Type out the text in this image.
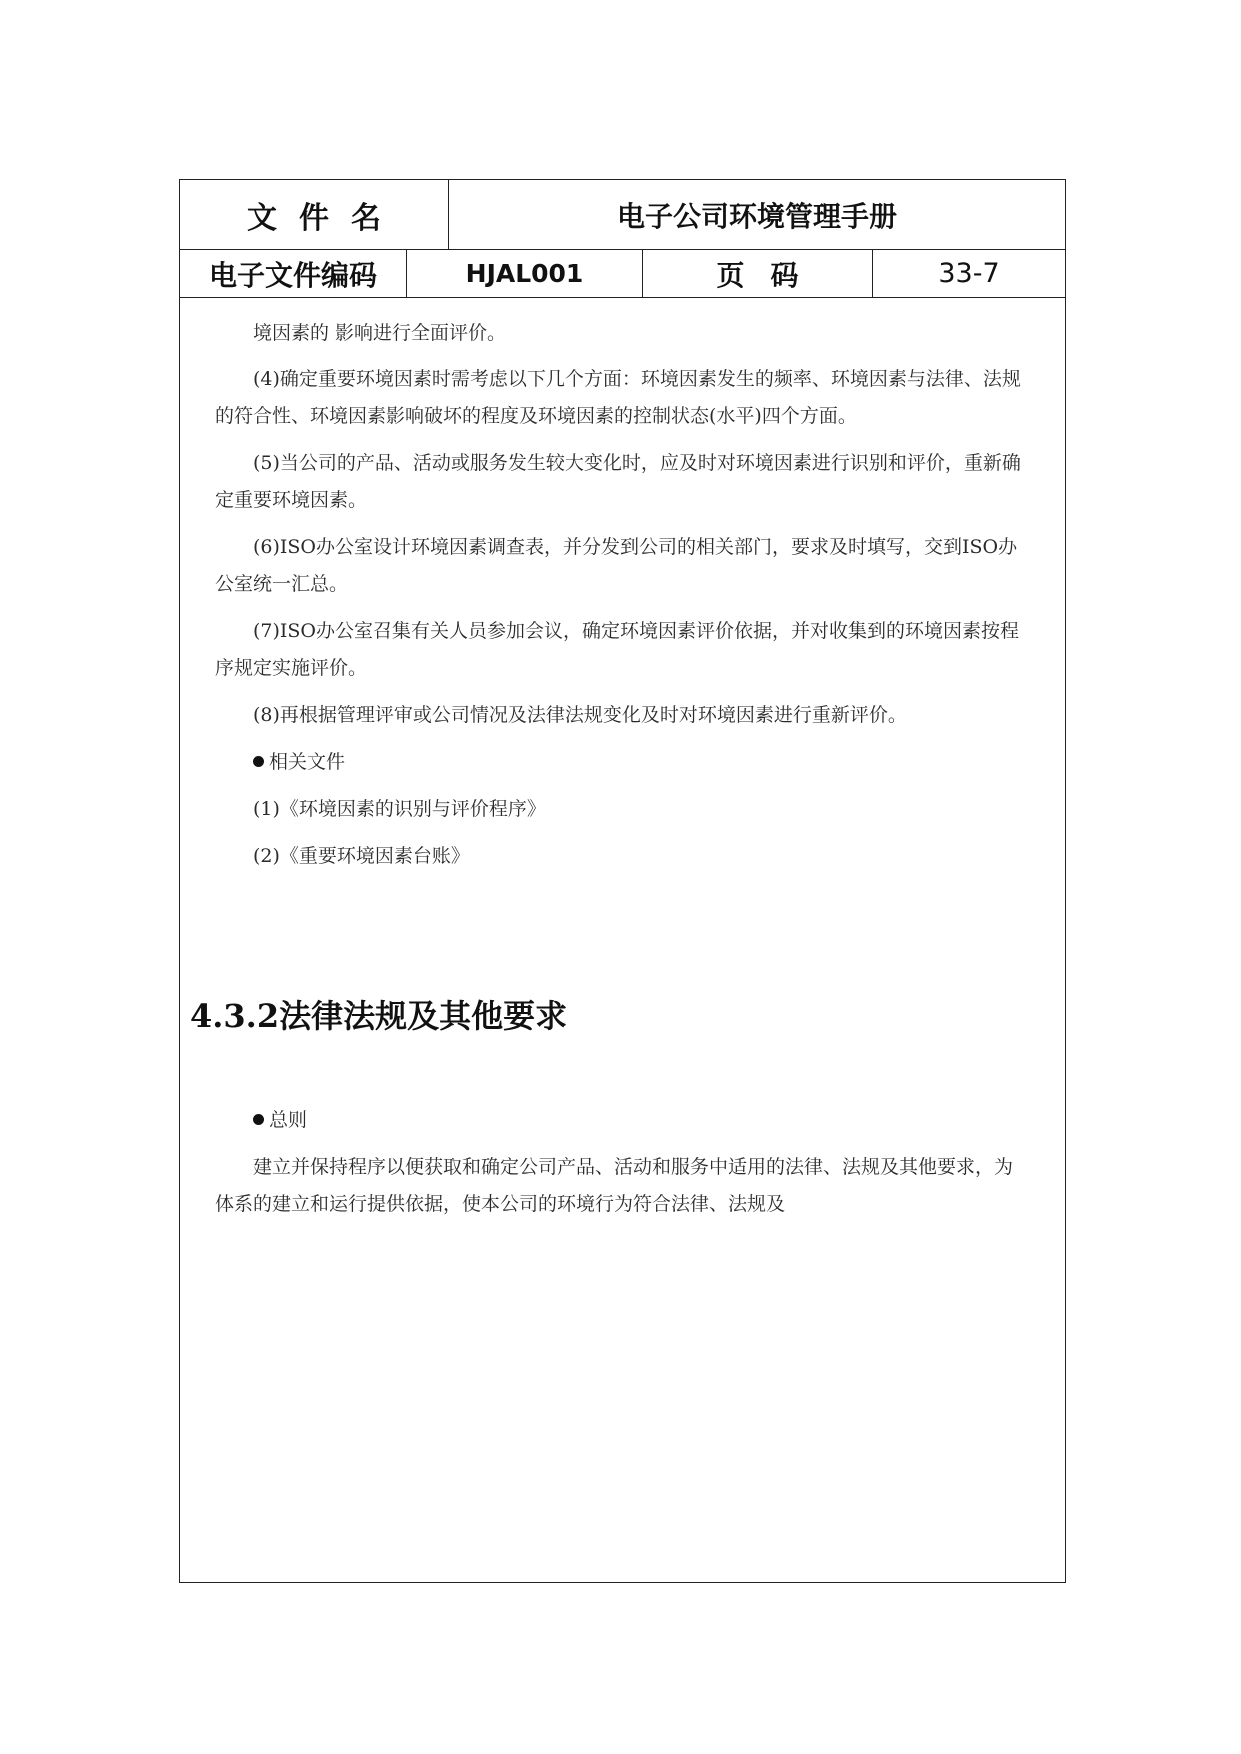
文件名	电子公司环境管理手册
电子文件编码	HJAL001	页码	33-7

境因素的 影响进行全面评价。

(4)确定重要环境因素时需考虑以下几个方面：环境因素发生的频率、环境因素与法律、法规的符合性、环境因素影响破坏的程度及环境因素的控制状态(水平)四个方面。

(5)当公司的产品、活动或服务发生较大变化时，应及时对环境因素进行识别和评价，重新确定重要环境因素。

(6)ISO办公室设计环境因素调查表，并分发到公司的相关部门，要求及时填写，交到ISO办公室统一汇总。

(7)ISO办公室召集有关人员参加会议，确定环境因素评价依据，并对收集到的环境因素按程序规定实施评价。

(8)再根据管理评审或公司情况及法律法规变化及时对环境因素进行重新评价。

相关文件

(1)《环境因素的识别与评价程序》

(2)《重要环境因素台账》

4.3.2法律法规及其他要求

总则

建立并保持程序以便获取和确定公司产品、活动和服务中适用的法律、法规及其他要求，为 体系的建立和运行提供依据，使本公司的环境行为符合法律、法规及
